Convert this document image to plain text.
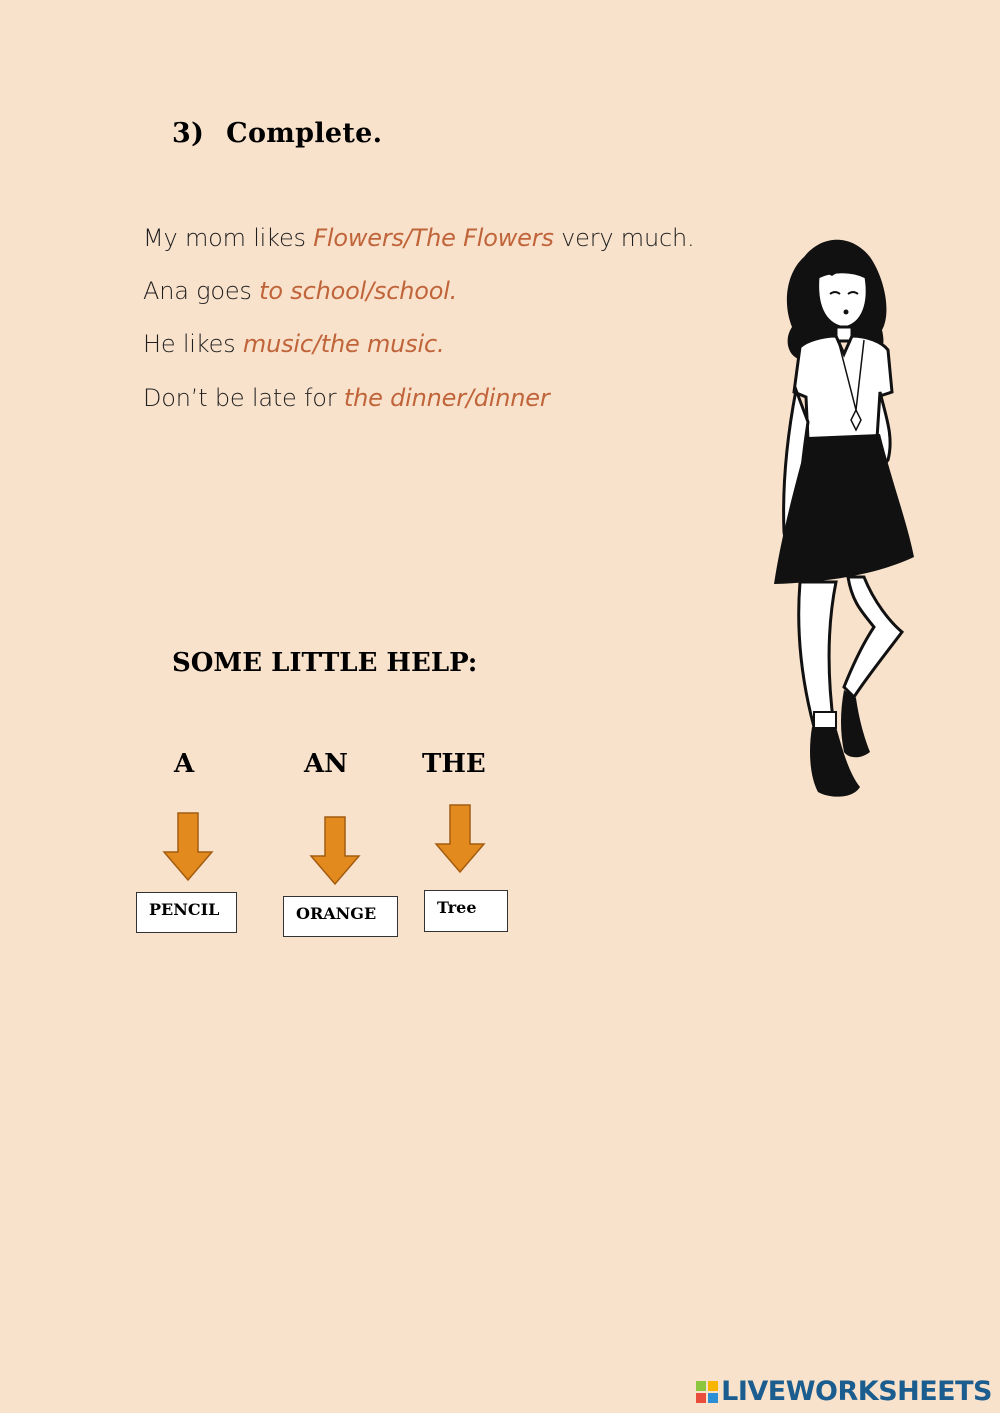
3) Complete.
My mom likes Flowers/The Flowers very much.
Ana goes to school/school.
He likes music/the music.
Don’t be late for the dinner/dinner
SOME LITTLE HELP:
A	AN	THE
PENCIL	ORANGE	Tree
LIVEWORKSHEETS
